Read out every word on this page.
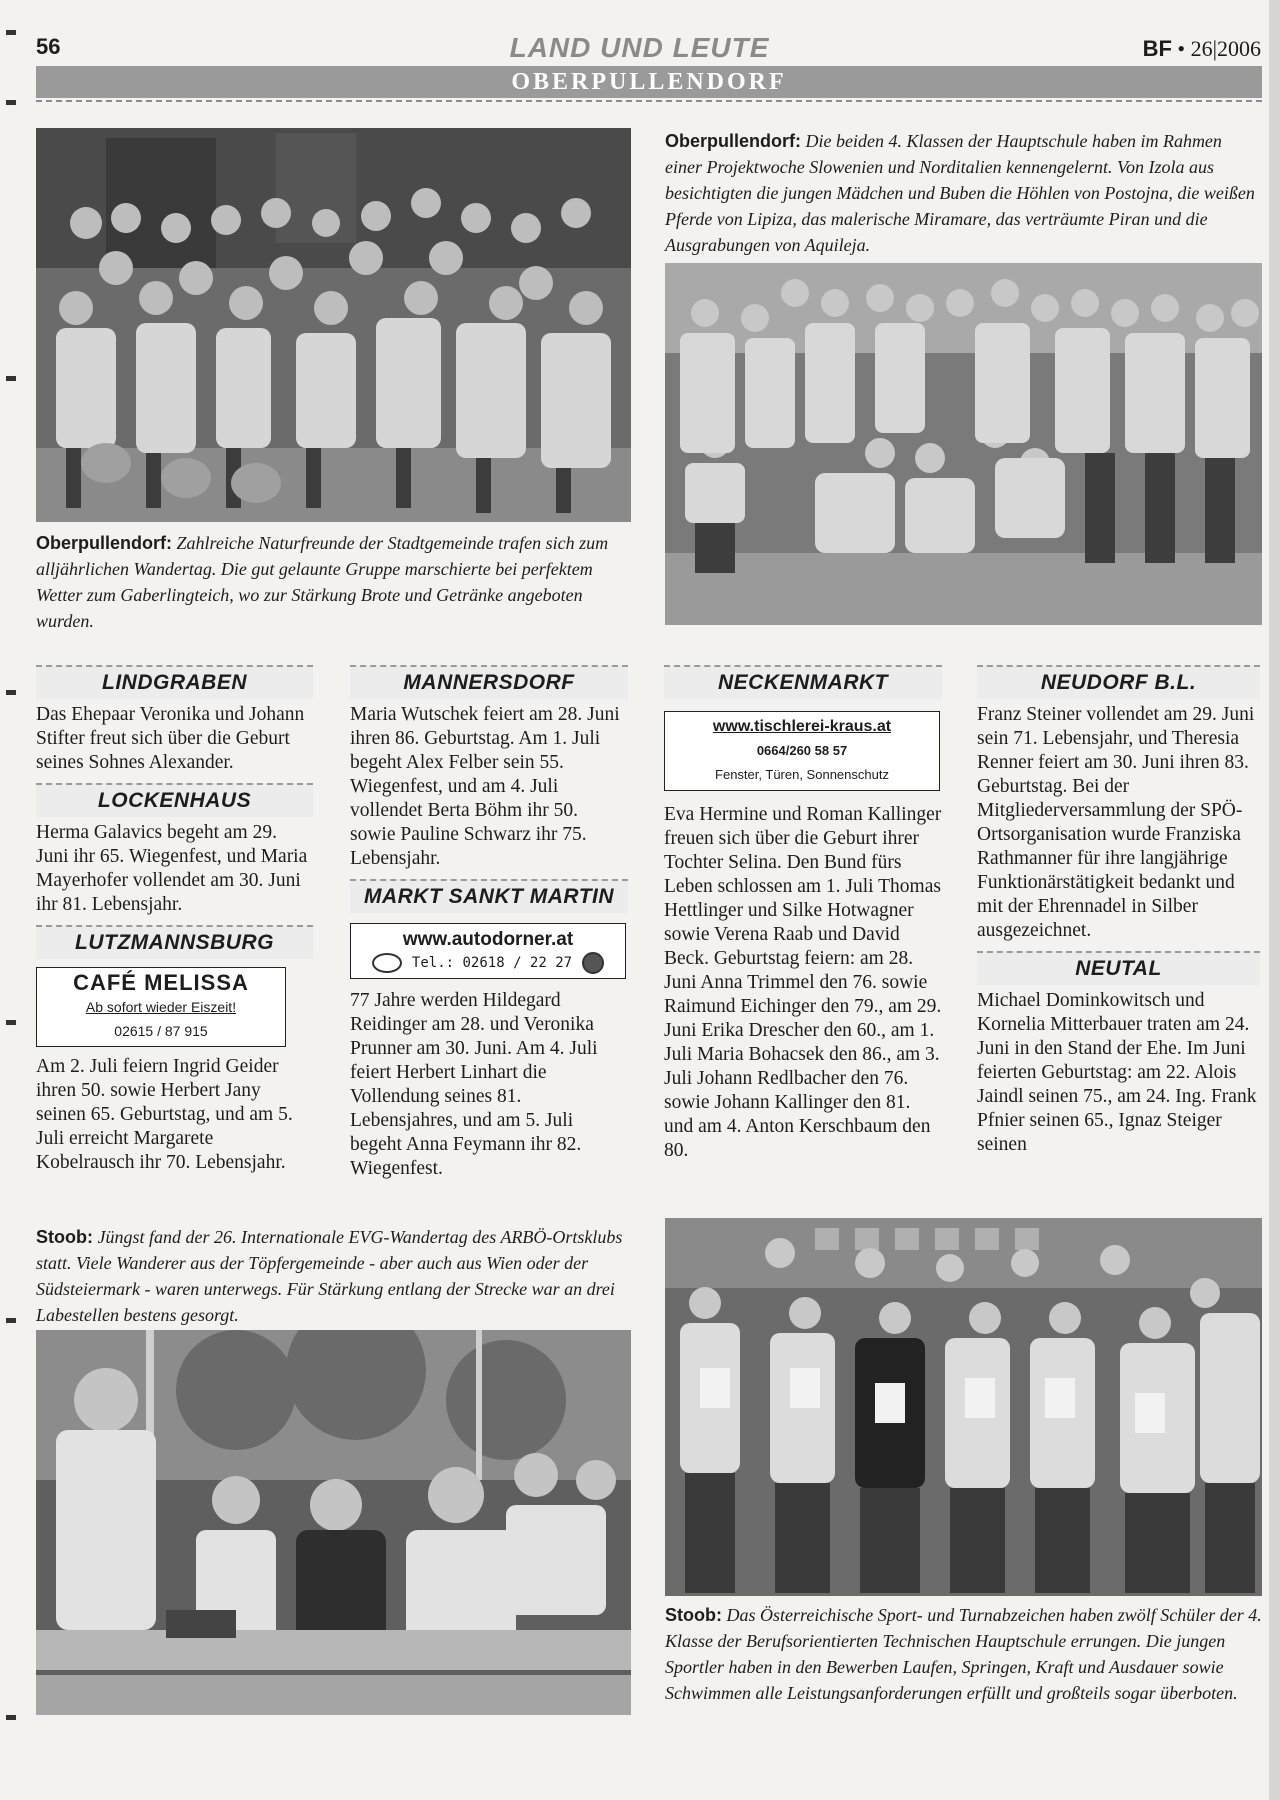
56	LAND UND LEUTE	BF • 26|2006
OBERPULLENDORF
Oberpullendorf: Zahlreiche Naturfreunde der Stadtgemeinde trafen sich zum alljährlichen Wandertag. Die gut gelaunte Gruppe marschierte bei perfektem Wetter zum Gaberlingteich, wo zur Stärkung Brote und Getränke angeboten wurden.
Oberpullendorf: Die beiden 4. Klassen der Hauptschule haben im Rahmen einer Projektwoche Slowenien und Norditalien kennengelernt. Von Izola aus besichtigten die jungen Mädchen und Buben die Höhlen von Postojna, die weißen Pferde von Lipiza, das malerische Miramare, das verträumte Piran und die Ausgrabungen von Aquileja.
LINDGRABEN

Das Ehepaar Veronika und Johann Stifter freut sich über die Geburt seines Sohnes Alexander.

LOCKENHAUS

Herma Galavics begeht am 29. Juni ihr 65. Wiegenfest, und Maria Mayerhofer vollendet am 30. Juni ihr 81. Lebensjahr.

LUTZMANNSBURG
CAFÉ MELISSA
Ab sofort wieder Eiszeit!
02615 / 87 915

Am 2. Juli feiern Ingrid Geider ihren 50. sowie Herbert Jany seinen 65. Geburtstag, und am 5. Juli erreicht Margarete Kobelrausch ihr 70. Lebensjahr.

MANNERSDORF

Maria Wutschek feiert am 28. Juni ihren 86. Geburtstag. Am 1. Juli begeht Alex Felber sein 55. Wiegenfest, und am 4. Juli vollendet Berta Böhm ihr 50. sowie Pauline Schwarz ihr 75. Lebensjahr.

MARKT SANKT MARTIN
www.autodorner.at
Tel.: 02618 / 22 27

77 Jahre werden Hildegard Reidinger am 28. und Veronika Prunner am 30. Juni. Am 4. Juli feiert Herbert Linhart die Vollendung seines 81. Lebensjahres, und am 5. Juli begeht Anna Feymann ihr 82. Wiegenfest.

NECKENMARKT
www.tischlerei-kraus.at
0664/260 58 57
Fenster, Türen, Sonnenschutz

Eva Hermine und Roman Kallinger freuen sich über die Geburt ihrer Tochter Selina. Den Bund fürs Leben schlossen am 1. Juli Thomas Hettlinger und Silke Hotwagner sowie Verena Raab und David Beck. Geburtstag feiern: am 28. Juni Anna Trimmel den 76. sowie Raimund Eichinger den 79., am 29. Juni Erika Drescher den 60., am 1. Juli Maria Bohacsek den 86., am 3. Juli Johann Redlbacher den 76. sowie Johann Kallinger den 81. und am 4. Anton Kerschbaum den 80.

NEUDORF B.L.

Franz Steiner vollendet am 29. Juni sein 71. Lebensjahr, und Theresia Renner feiert am 30. Juni ihren 83. Geburtstag. Bei der Mitgliederversammlung der SPÖ-Ortsorganisation wurde Franziska Rathmanner für ihre langjährige Funktionärstätigkeit bedankt und mit der Ehrennadel in Silber ausgezeichnet.

NEUTAL

Michael Dominkowitsch und Kornelia Mitterbauer traten am 24. Juni in den Stand der Ehe. Im Juni feierten Geburtstag: am 22. Alois Jaindl seinen 75., am 24. Ing. Frank Pfnier seinen 65., Ignaz Steiger seinen

Stoob: Jüngst fand der 26. Internationale EVG-Wandertag des ARBÖ-Ortsklubs statt. Viele Wanderer aus der Töpfergemeinde - aber auch aus Wien oder der Südsteiermark - waren unterwegs. Für Stärkung entlang der Strecke war an drei Labestellen bestens gesorgt.
Stoob: Das Österreichische Sport- und Turnabzeichen haben zwölf Schüler der 4. Klasse der Berufsorientierten Technischen Hauptschule errungen. Die jungen Sportler haben in den Bewerben Laufen, Springen, Kraft und Ausdauer sowie Schwimmen alle Leistungsanforderungen erfüllt und großteils sogar überboten.
